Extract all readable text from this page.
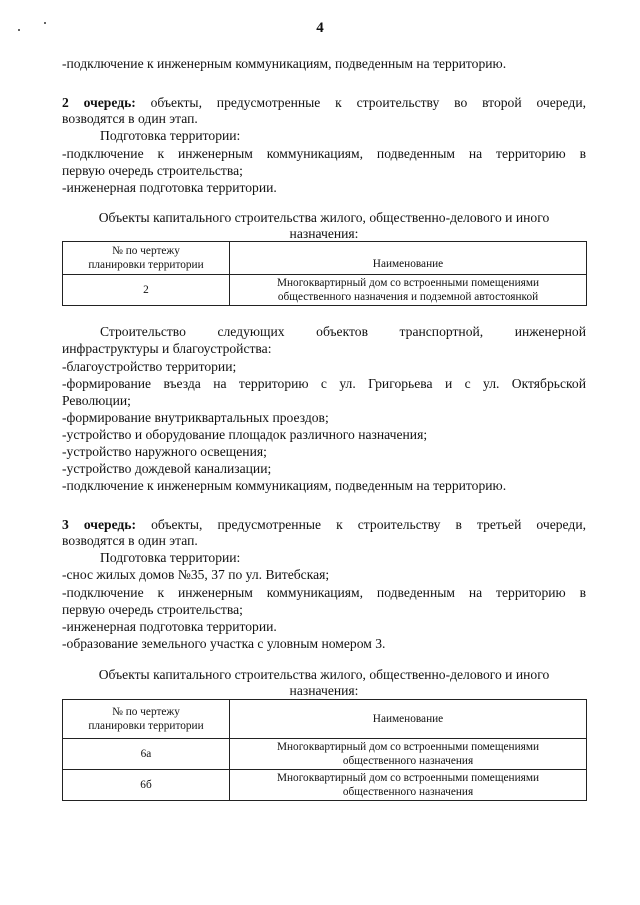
4
-подключение к инженерным коммуникациям, подведенным на территорию.
2 очередь: объекты, предусмотренные к строительству во второй очереди,
возводятся в один этап.
Подготовка территории:
-подключение к инженерным коммуникациям, подведенным на территорию в
первую очередь строительства;
-инженерная подготовка территории.
Объекты капитального строительства жилого, общественно-делового и иного
назначения:
№ по чертежу
планировки территории	Наименование
2	Многоквартирный дом со встроенными помещениями
общественного назначения и подземной автостоянкой
Строительство следующих объектов транспортной, инженерной
инфраструктуры и благоустройства:
-благоустройство территории;
-формирование въезда на территорию с ул. Григорьева и с ул. Октябрьской
Революции;
-формирование внутриквартальных проездов;
-устройство и оборудование площадок различного назначения;
-устройство наружного освещения;
-устройство дождевой канализации;
-подключение к инженерным коммуникациям, подведенным на территорию.
3 очередь: объекты, предусмотренные к строительству в третьей очереди,
возводятся в один этап.
Подготовка территории:
-снос жилых домов №35, 37 по ул. Витебская;
-подключение к инженерным коммуникациям, подведенным на территорию в
первую очередь строительства;
-инженерная подготовка территории.
-образование земельного участка с уловным номером 3.
Объекты капитального строительства жилого, общественно-делового и иного
назначения:
№ по чертежу
планировки территории	Наименование
6а	Многоквартирный дом со встроенными помещениями
общественного назначения

6б	Многоквартирный дом со встроенными помещениями
общественного назначения
